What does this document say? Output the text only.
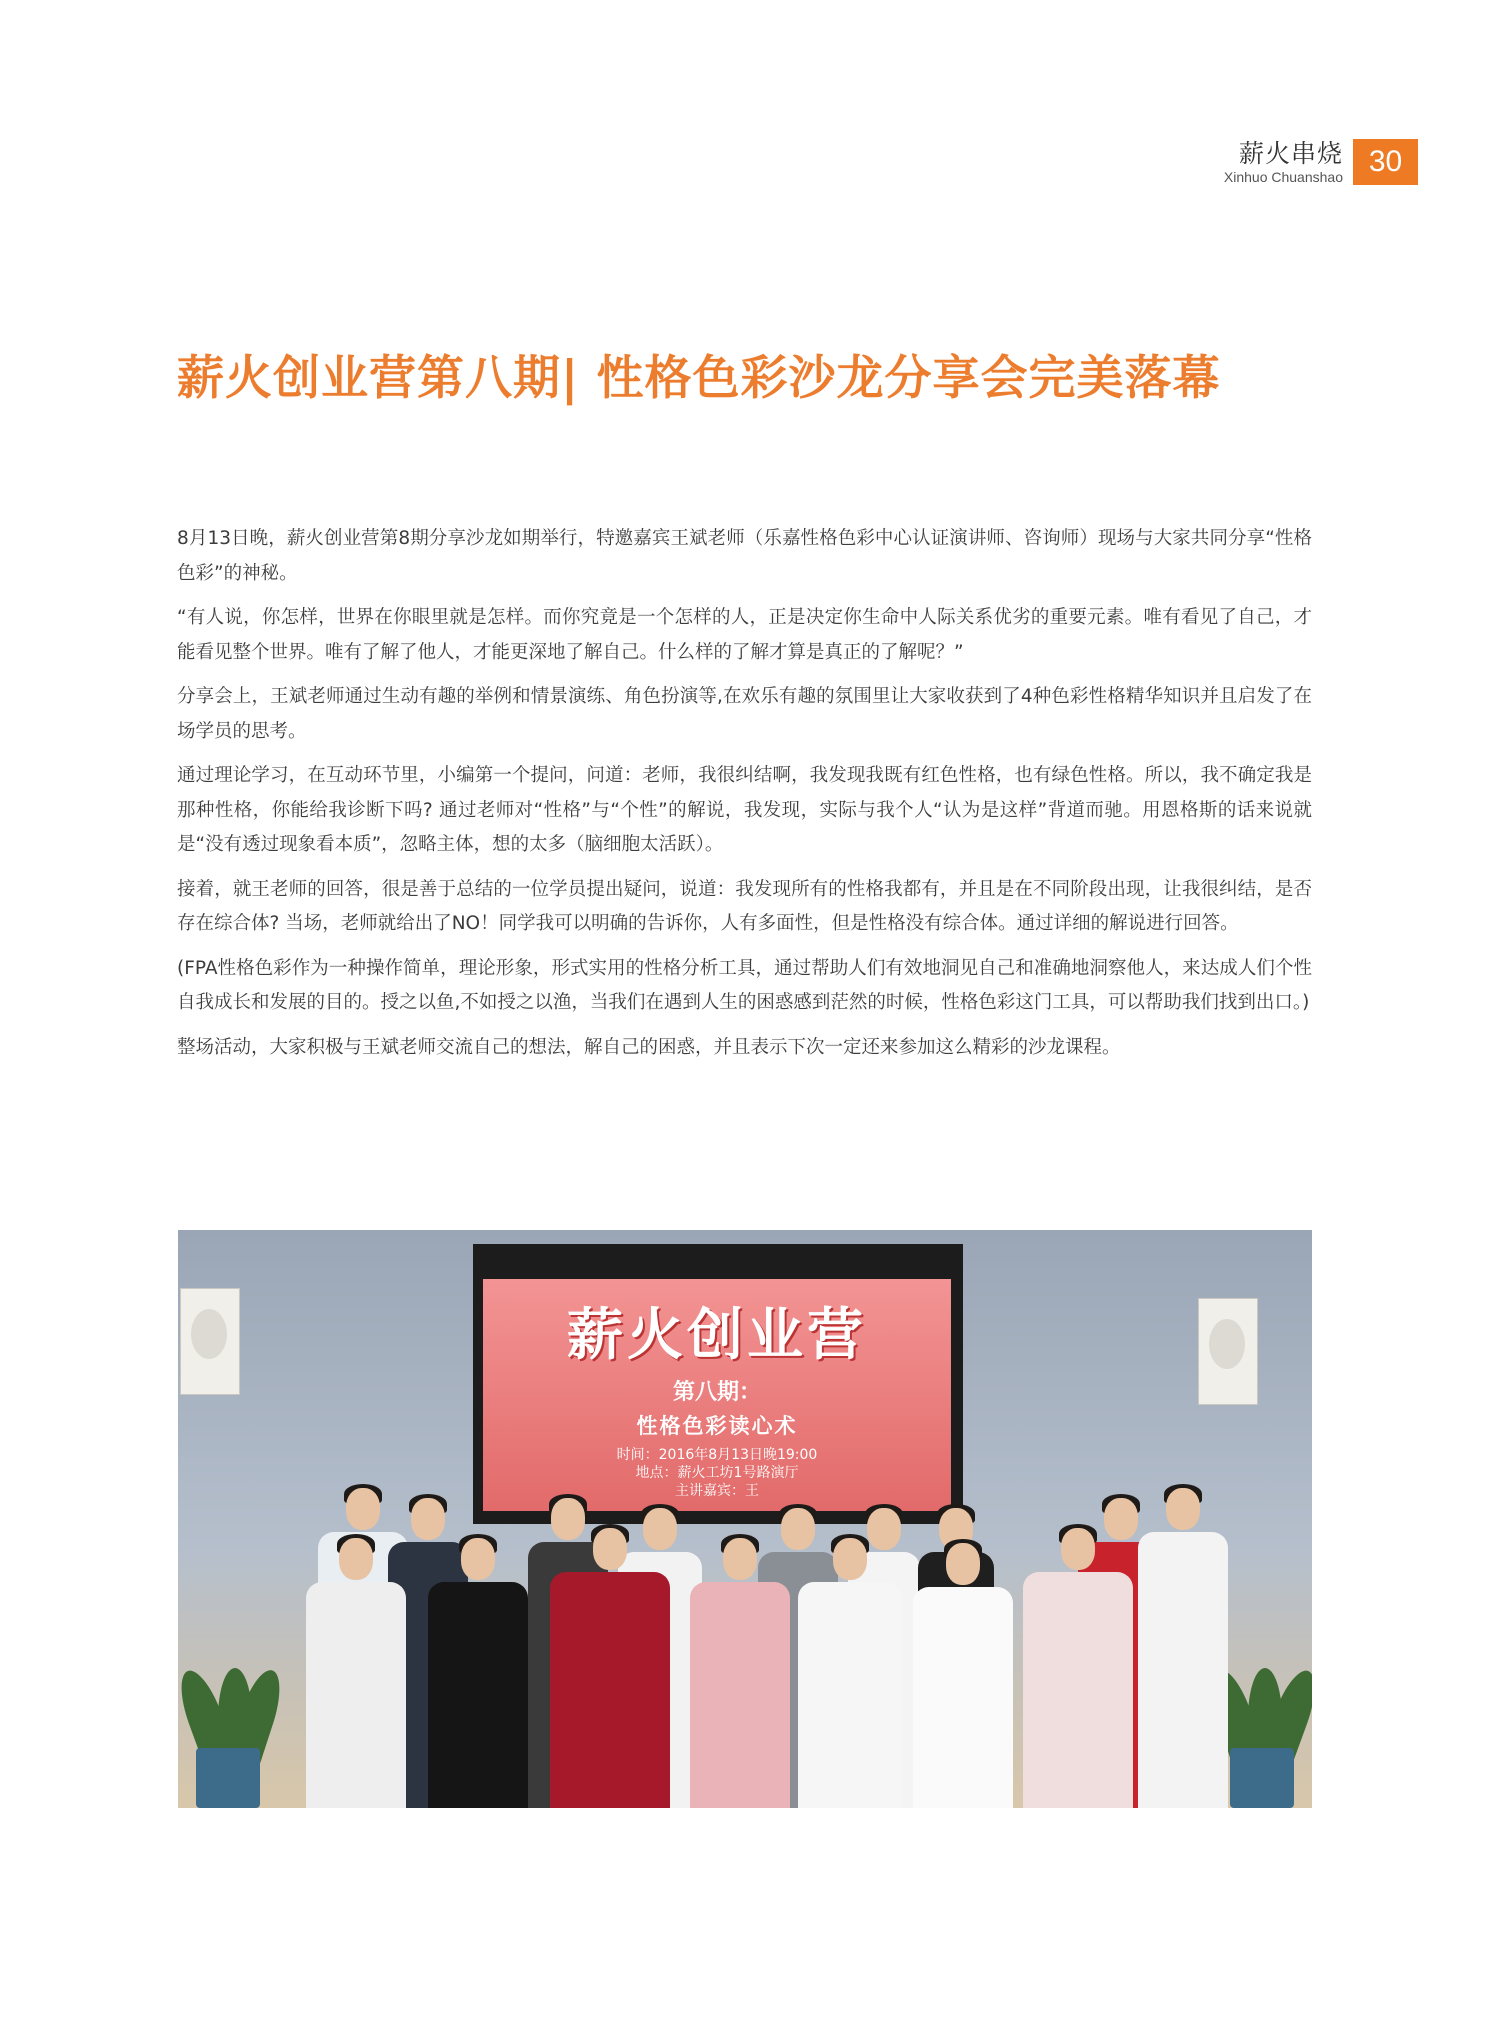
薪火串烧
Xinhuo Chuanshao 30
薪火创业营第八期| 性格色彩沙龙分享会完美落幕

8月13日晚，薪火创业营第8期分享沙龙如期举行，特邀嘉宾王斌老师（乐嘉性格色彩中心认证演讲师、咨询师）现场与大家共同分享“性格色彩”的神秘。

“有人说，你怎样，世界在你眼里就是怎样。而你究竟是一个怎样的人，正是决定你生命中人际关系优劣的重要元素。唯有看见了自己，才能看见整个世界。唯有了解了他人，才能更深地了解自己。什么样的了解才算是真正的了解呢？”

分享会上，王斌老师通过生动有趣的举例和情景演练、角色扮演等,在欢乐有趣的氛围里让大家收获到了4种色彩性格精华知识并且启发了在场学员的思考。

通过理论学习，在互动环节里，小编第一个提问，问道：老师，我很纠结啊，我发现我既有红色性格，也有绿色性格。所以，我不确定我是那种性格，你能给我诊断下吗? 通过老师对“性格”与“个性”的解说，我发现，实际与我个人“认为是这样”背道而驰。用恩格斯的话来说就是“没有透过现象看本质”，忽略主体，想的太多（脑细胞太活跃）。

接着，就王老师的回答，很是善于总结的一位学员提出疑问，说道：我发现所有的性格我都有，并且是在不同阶段出现，让我很纠结，是否存在综合体? 当场，老师就给出了NO！同学我可以明确的告诉你，人有多面性，但是性格没有综合体。通过详细的解说进行回答。

(FPA性格色彩作为一种操作简单，理论形象，形式实用的性格分析工具，通过帮助人们有效地洞见自己和准确地洞察他人，来达成人们个性自我成长和发展的目的。授之以鱼,不如授之以渔，当我们在遇到人生的困惑感到茫然的时候，性格色彩这门工具，可以帮助我们找到出口。)

整场活动，大家积极与王斌老师交流自己的想法，解自己的困惑，并且表示下次一定还来参加这么精彩的沙龙课程。

薪火创业营
第八期：
性格色彩读心术
时间：2016年8月13日晚19:00
地点：薪火工坊1号路演厅
主讲嘉宾：王
